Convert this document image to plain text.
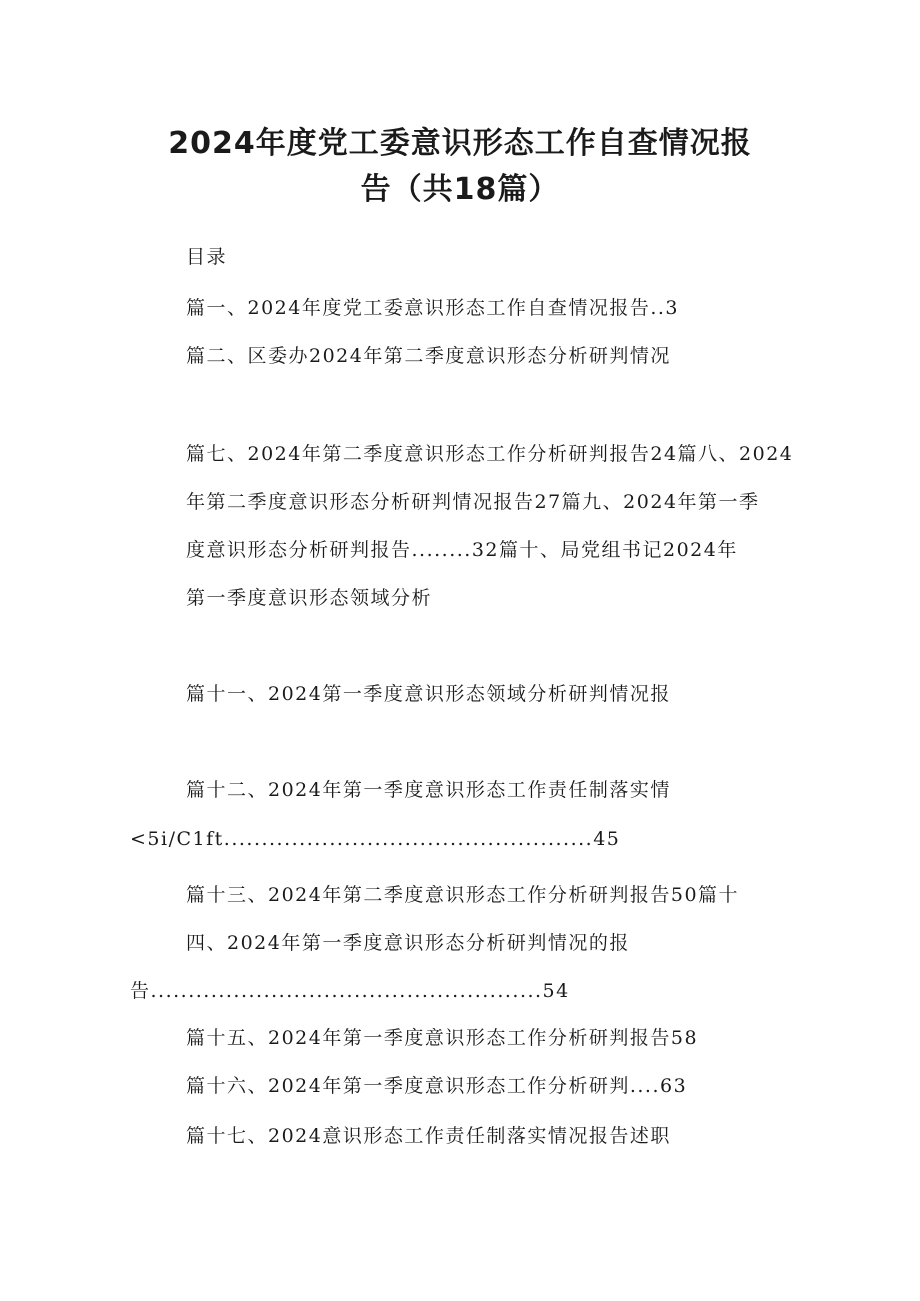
2024年度党工委意识形态工作自查情况报
告（共18篇）
目录
篇一、2024年度党工委意识形态工作自查情况报告..3
篇二、区委办2024年第二季度意识形态分析研判情况
篇七、2024年第二季度意识形态工作分析研判报告24篇八、2024
年第二季度意识形态分析研判情况报告27篇九、2024年第一季
度意识形态分析研判报告........32篇十、局党组书记2024年
第一季度意识形态领域分析
篇十一、2024第一季度意识形态领域分析研判情况报
篇十二、2024年第一季度意识形态工作责任制落实情
<5i/C1ft.................................................45
篇十三、2024年第二季度意识形态工作分析研判报告50篇十
四、2024年第一季度意识形态分析研判情况的报
告....................................................54
篇十五、2024年第一季度意识形态工作分析研判报告58
篇十六、2024年第一季度意识形态工作分析研判....63
篇十七、2024意识形态工作责任制落实情况报告述职
